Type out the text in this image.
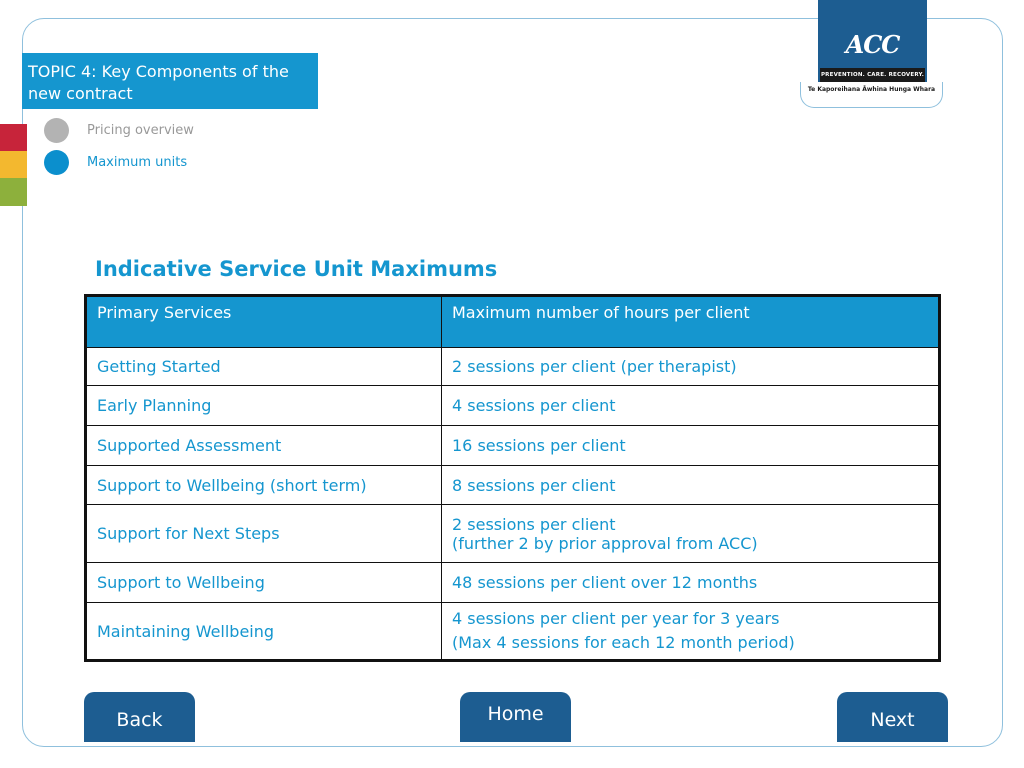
ACC
PREVENTION. CARE. RECOVERY.
Te Kaporeihana Āwhina Hunga Whara
TOPIC 4: Key Components of the new contract
Pricing overview
Maximum units
Indicative Service Unit Maximums
Primary Services	Maximum number of hours per client
Getting Started	2 sessions per client (per therapist)

Early Planning	4 sessions per client

Supported Assessment	16 sessions per client

Support to Wellbeing (short term)	8 sessions per client

Support for Next Steps	2 sessions per client
(further 2 by prior approval from ACC)

Support to Wellbeing	48 sessions per client over 12 months

Maintaining Wellbeing	4 sessions per client per year for 3 years
(Max 4 sessions for each 12 month period)
Back	Home	Next
